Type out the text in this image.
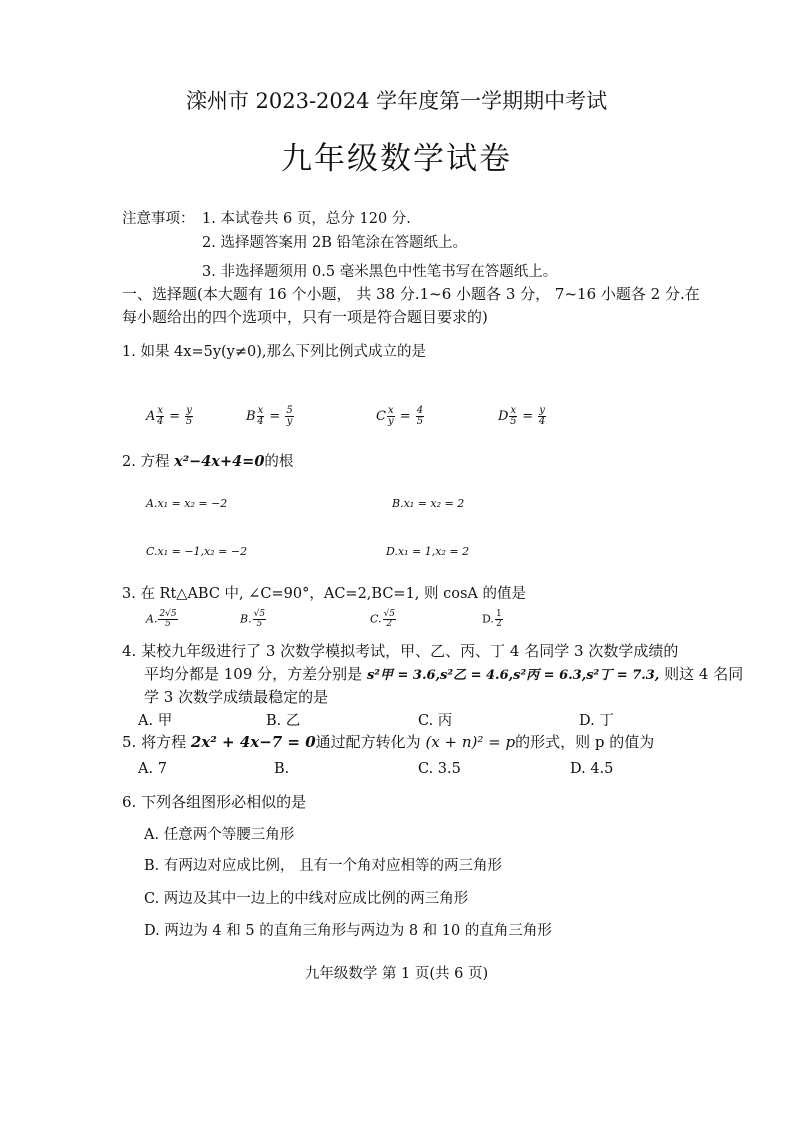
滦州市 2023-2024 学年度第一学期期中考试
九年级数学试卷
注意事项： 1. 本试卷共 6 页，总分 120 分.
2. 选择题答案用 2B 铅笔涂在答题纸上。
3. 非选择题须用 0.5 毫米黑色中性笔书写在答题纸上。
一、选择题(本大题有 16 个小题， 共 38 分.1~6 小题各 3 分， 7~16 小题各 2 分.在
每小题给出的四个选项中，只有一项是符合题目要求的)
1. 如果 4x=5y(y≠0),那么下列比例式成立的是
A $\frac{x}{4} = \frac{y}{5}$	B $\frac{x}{4} = \frac{5}{y}$	C $\frac{x}{y} = \frac{4}{5}$	D $\frac{x}{5} = \frac{y}{4}$
2. 方程 x²−4x+4=0的根
A.x₁ = x₂ = −2	B.x₁ = x₂ = 2
C.x₁ = −1,x₂ = −2	D.x₁ = 1,x₂ = 2
3. 在 Rt△ABC 中, ∠C=90°，AC=2,BC=1, 则 cosA 的值是
A. $\frac{2√5}{5}$	B. $\frac{√5}{5}$	C. $\frac{√5}{2}$	D. $\frac{1}{2}$
4. 某校九年级进行了 3 次数学模拟考试，甲、乙、丙、丁 4 名同学 3 次数学成绩的
平均分都是 109 分，方差分别是 s²甲 = 3.6,s²乙 = 4.6,s²丙 = 6.3,s²丁 = 7.3, 则这 4 名同
学 3 次数学成绩最稳定的是
A. 甲	B. 乙	C. 丙	D. 丁
5. 将方程 2x² + 4x−7 = 0通过配方转化为 (x + n)² = p的形式，则 p 的值为
A. 7	B.	C. 3.5	D. 4.5
6. 下列各组图形必相似的是
A. 任意两个等腰三角形
B. 有两边对应成比例， 且有一个角对应相等的两三角形
C. 两边及其中一边上的中线对应成比例的两三角形
D. 两边为 4 和 5 的直角三角形与两边为 8 和 10 的直角三角形
九年级数学 第 1 页(共 6 页)
